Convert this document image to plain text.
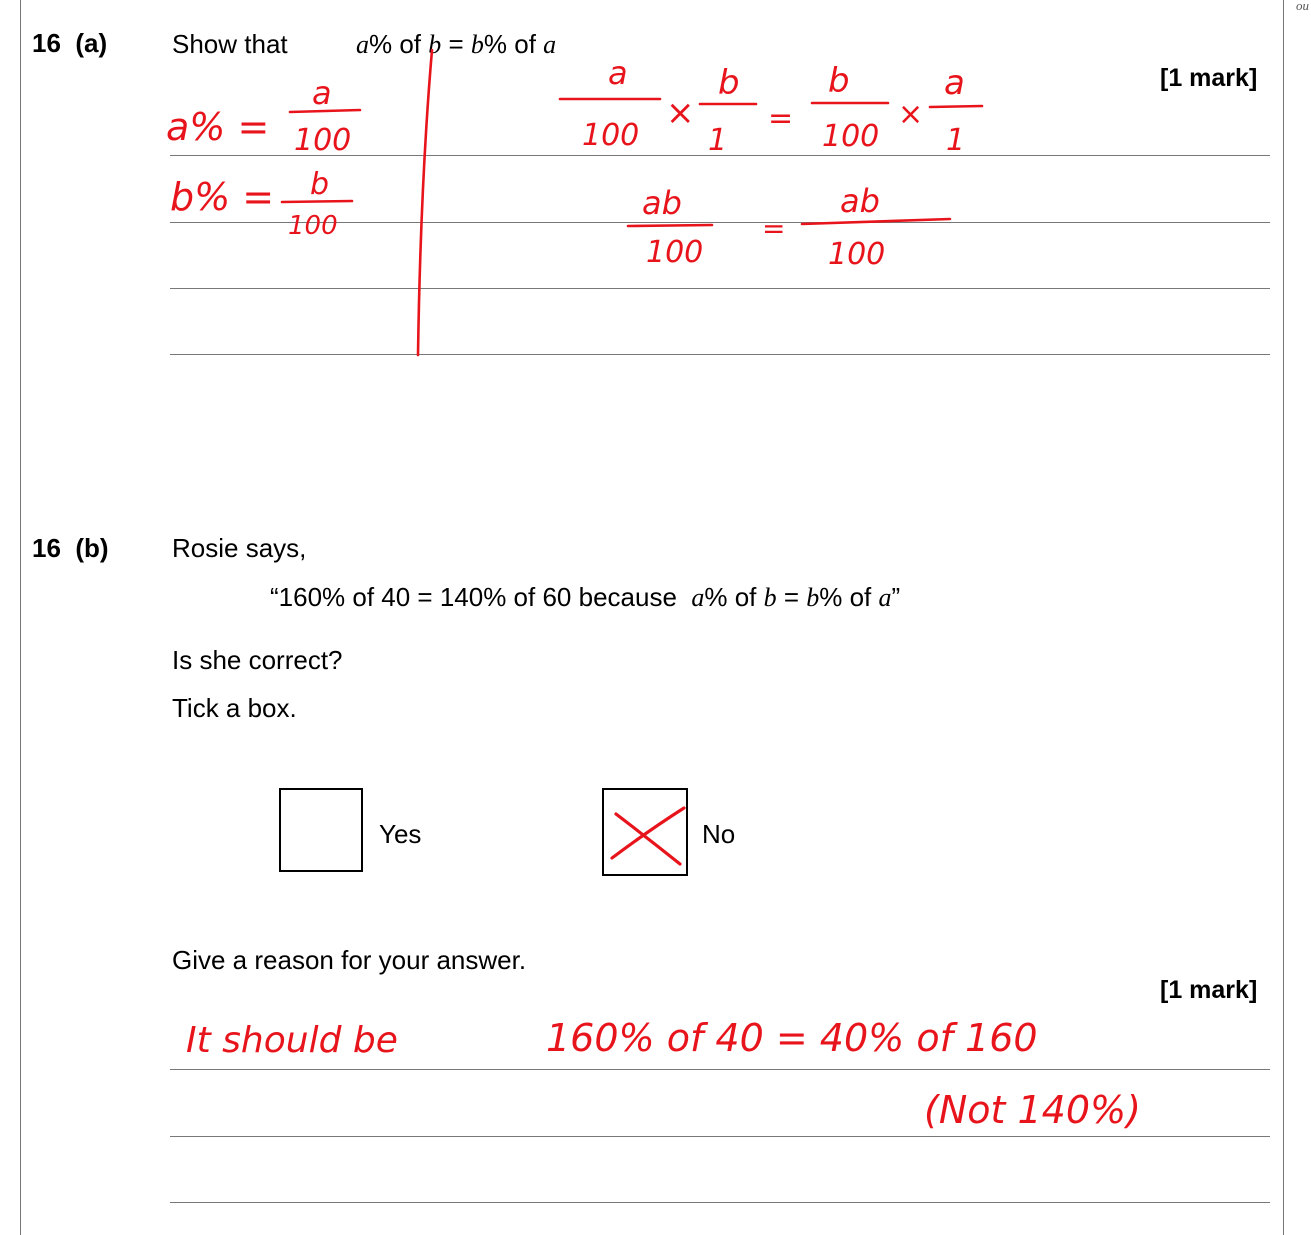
ou
16 (a) Show that	a% of b = b% of a
[1 mark]
a% =
a
100
b% = b
100
a
100
×
b
1
=
b
100
×
a
1
ab
100
=
ab
100
16 (b) Rosie says,
“160% of 40 = 140% of 60 because  a% of b = b% of a”
Is she correct?
Tick a box.
Yes	No
Give a reason for your answer.
[1 mark]
It should be	160% of 40 = 40% of 160
(Not 140%)
